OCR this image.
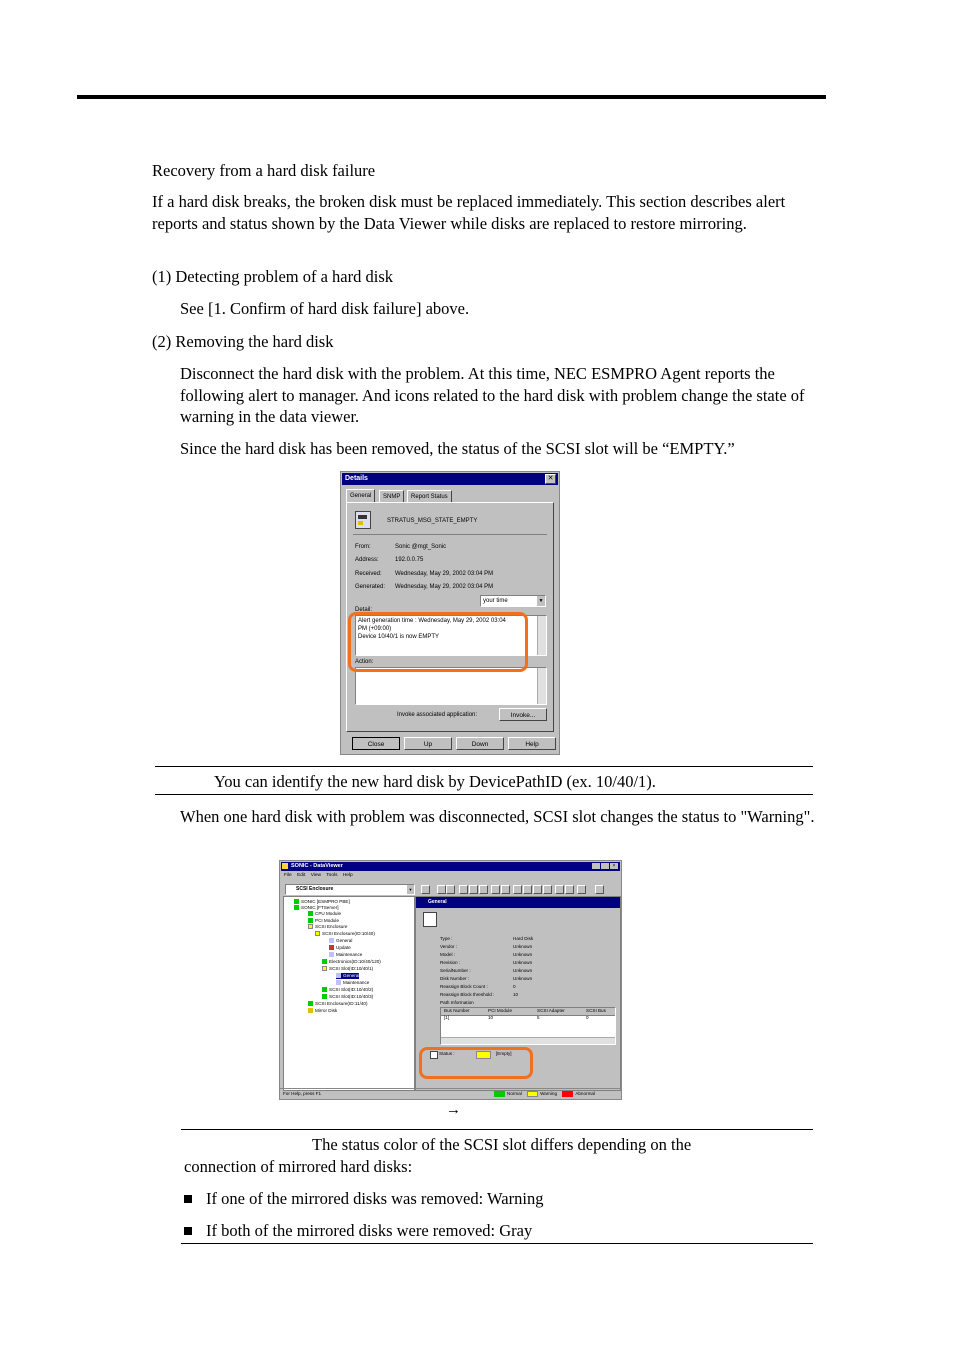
Recovery from a hard disk failure
If a hard disk breaks, the broken disk must be replaced immediately. This section describes alert reports and status shown by the Data Viewer while disks are replaced to restore mirroring.
(1) Detecting problem of a hard disk
See [1. Confirm of hard disk failure] above.
(2) Removing the hard disk
Disconnect the hard disk with the problem. At this time, NEC ESMPRO Agent reports the following alert to manager. And icons related to the hard disk with problem change the state of warning in the data viewer.
Since the hard disk has been removed, the status of the SCSI slot will be “EMPTY.”
Details	✕
General	SNMP	Report Status
STRATUS_MSG_STATE_EMPTY
From:	Sonic @mgt_Sonic
Address:	192.0.0.75
Received: Wednesday, May 29, 2002 03:04 PM
Generated: Wednesday, May 29, 2002 03:04 PM
your time	▼
Detail:
Alert generation time : Wednesday, May 29, 2002 03:04
PM (+09:00)
Device 10/40/1 is now EMPTY
Action:
Invoke associated application:	Invoke...
Close	Up	Down	Help
You can identify the new hard disk by DevicePathID (ex. 10/40/1).
When one hard disk with problem was disconnected, SCSI slot changes the status to "Warning".
SONIC - DataViewer	×
File Edit View Tools Help
SCSI Enclosure	▼
SONIC [ESMPRO PBE]
SONIC [FTServer]
CPU Module
PCI Module
SCSI Enclosure
SCSI Enclosure(ID:10/40)
General
Update
Maintenance
Electronics(ID:10/40/120)
SCSI Slot(ID:10/40/1)
General
Maintenance
SCSI Slot(ID:10/40/2)
SCSI Slot(ID:10/40/3)
SCSI Enclosure(ID:11/40)
Mirror Disk
General
Type :	Hard Disk
Vendor :	Unknown
Model :	Unknown
Revision :	Unknown
SerialNumber :	Unknown
Disk Number :	Unknown
Reassign Block Count :	0
Reassign Block threshold :	10
Path Information
Bus Number	PCI Module	SCSI Adapter	SCSI Bus
[1]	10	5	0
Status :	[Empty]
For Help, press F1	Normal	Warning	Abnormal
→
The status color of the SCSI slot differs depending on the
connection of mirrored hard disks:
If one of the mirrored disks was removed: Warning
If both of the mirrored disks were removed: Gray
